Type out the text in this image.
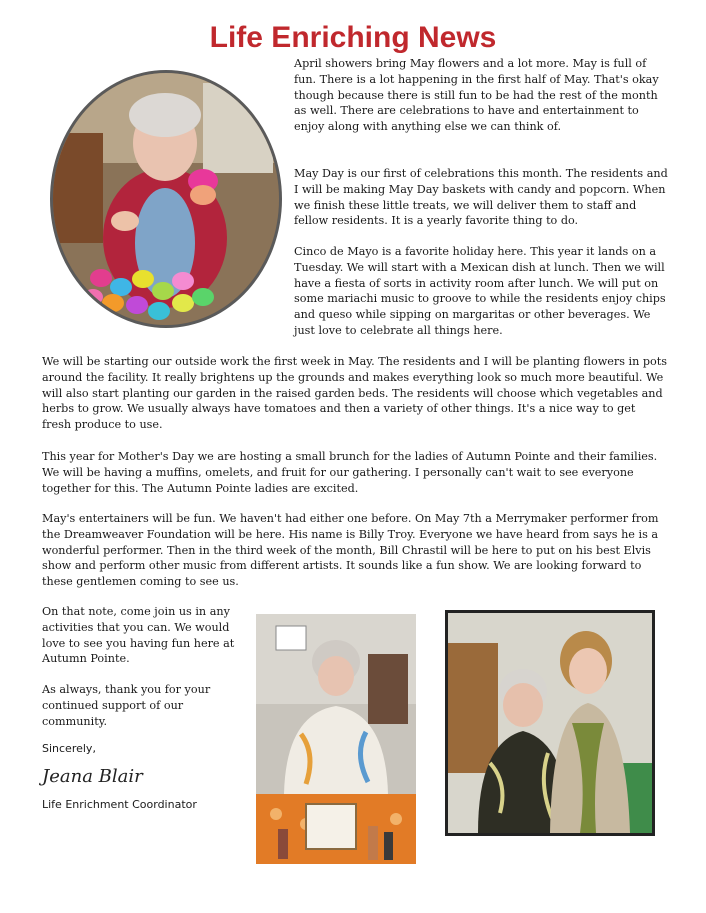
Life Enriching News

April showers bring May flowers and a lot more. May is full of fun. There is a lot happening in the first half of May. That's okay though because there is still fun to be had the rest of the month as well. There are celebrations to have and entertainment to enjoy along with anything else we can think of.

May Day is our first of celebrations this month. The residents and I will be making May Day baskets with candy and popcorn. When we finish these little treats, we will deliver them to staff and fellow residents. It is a yearly favorite thing to do.

Cinco de Mayo is a favorite holiday here. This year it lands on a Tuesday. We will start with a Mexican dish at lunch. Then we will have a fiesta of sorts in activity room after lunch. We will put on some mariachi music to groove to while the residents enjoy chips and queso while sipping on margaritas or other beverages. We just love to celebrate all things here.

We will be starting our outside work the first week in May. The residents and I will be planting flowers in pots around the facility. It really brightens up the grounds and makes everything look so much more beautiful. We will also start planting our garden in the raised garden beds. The residents will choose which vegetables and herbs to grow. We usually always have tomatoes and then a variety of other things. It's a nice way to get fresh produce to use.

This year for Mother's Day we are hosting a small brunch for the ladies of Autumn Pointe and their families. We will be having a muffins, omelets, and fruit for our gathering. I personally can't wait to see everyone together for this. The Autumn Pointe ladies are excited.

May's entertainers will be fun. We haven't had either one before. On May 7th a Merrymaker performer from the Dreamweaver Foundation will be here. His name is Billy Troy. Everyone we have heard from says he is a wonderful performer. Then in the third week of the month, Bill Chrastil will be here to put on his best Elvis show and perform other music from different artists. It sounds like a fun show. We are looking forward to these gentlemen coming to see us.

On that note, come join us in any activities that you can. We would love to see you having fun here at Autumn Pointe.

As always, thank you for your continued support of our community.

Sincerely,

Jeana Blair

Life Enrichment Coordinator
